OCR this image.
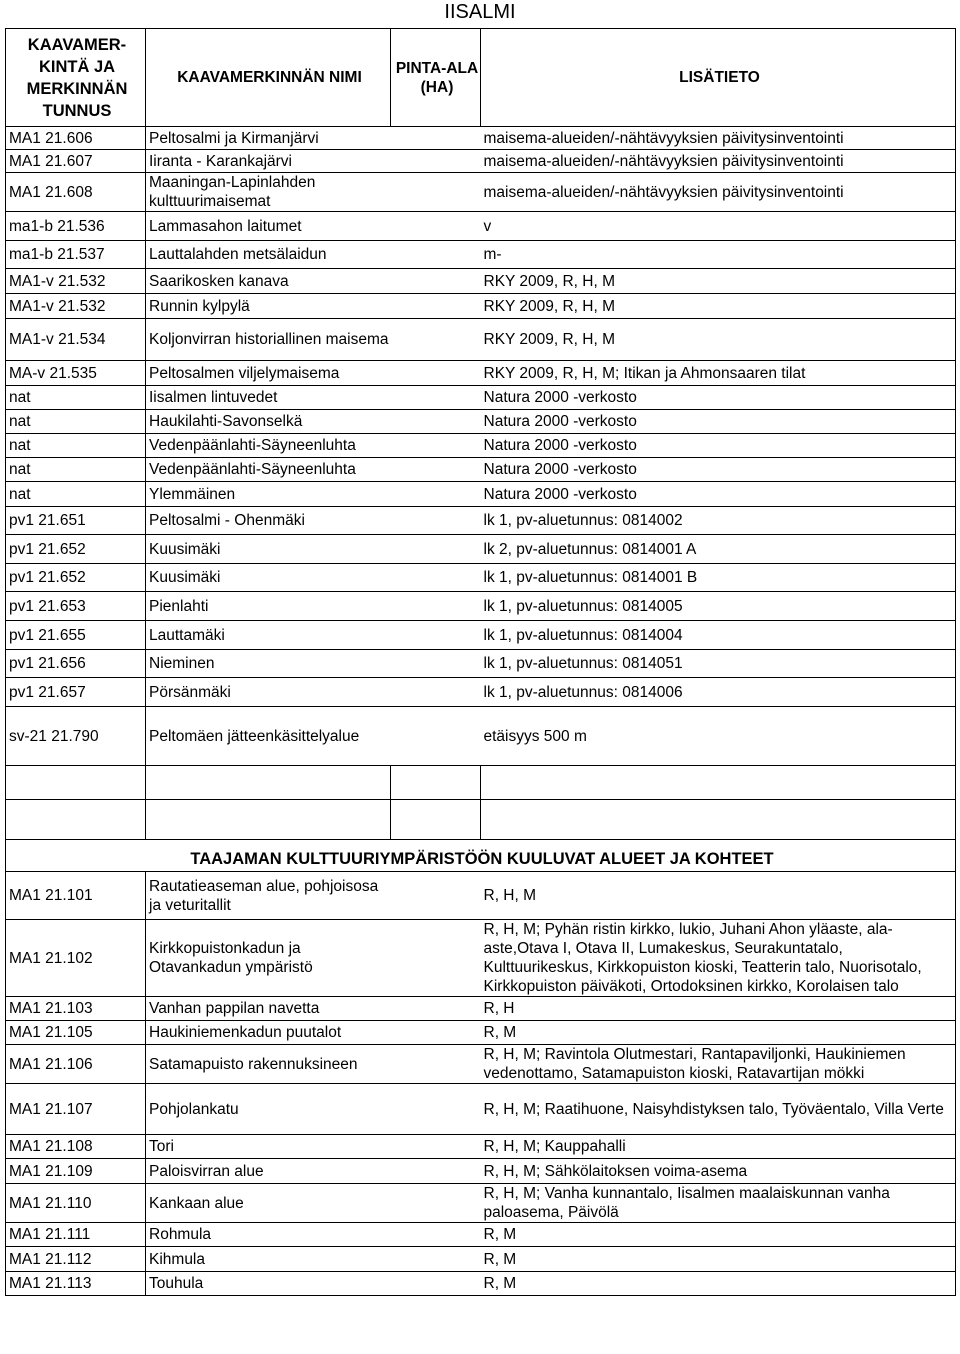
IISALMI
KAAVAMER-KINTÄ JA MERKINNÄN TUNNUS	KAAVAMERKINNÄN NIMI	PINTA-ALA (HA)	LISÄTIETO
MA1 21.606	Peltosalmi ja Kirmanjärvi		maisema-alueiden/-nähtävyyksien päivitysinventointi
MA1 21.607	Iiranta - Karankajärvi		maisema-alueiden/-nähtävyyksien päivitysinventointi
MA1 21.608	Maaningan-Lapinlahden kulttuurimaisemat		maisema-alueiden/-nähtävyyksien päivitysinventointi
ma1-b 21.536	Lammasahon laitumet		v
ma1-b 21.537	Lauttalahden metsälaidun		m-
MA1-v 21.532	Saarikosken kanava		RKY 2009, R, H, M
MA1-v 21.532	Runnin kylpylä		RKY 2009, R, H, M
MA1-v 21.534	Koljonvirran historiallinen maisema		RKY 2009, R, H, M
MA-v 21.535	Peltosalmen viljelymaisema		RKY 2009, R, H, M; Itikan ja Ahmonsaaren tilat
nat	Iisalmen lintuvedet		Natura 2000 -verkosto
nat	Haukilahti-Savonselkä		Natura 2000 -verkosto
nat	Vedenpäänlahti-Säyneenluhta		Natura 2000 -verkosto
nat	Vedenpäänlahti-Säyneenluhta		Natura 2000 -verkosto
nat	Ylemmäinen		Natura 2000 -verkosto
pv1 21.651	Peltosalmi - Ohenmäki		lk 1, pv-aluetunnus: 0814002
pv1 21.652	Kuusimäki		lk 2, pv-aluetunnus: 0814001 A
pv1 21.652	Kuusimäki		lk 1, pv-aluetunnus: 0814001 B
pv1 21.653	Pienlahti		lk 1, pv-aluetunnus: 0814005
pv1 21.655	Lauttamäki		lk 1, pv-aluetunnus: 0814004
pv1 21.656	Nieminen		lk 1, pv-aluetunnus: 0814051
pv1 21.657	Pörsänmäki		lk 1, pv-aluetunnus: 0814006
sv-21 21.790	Peltomäen jätteenkäsittelyalue		etäisyys 500 m

TAAJAMAN KULTTUURIYMPÄRISTÖÖN KUULUVAT ALUEET JA KOHTEET			
MA1 21.101	Rautatieaseman alue, pohjoisosa ja veturitallit		R, H, M
MA1 21.102	Kirkkopuistonkadun ja Otavankadun ympäristö		R, H, M; Pyhän ristin kirkko, lukio, Juhani Ahon yläaste, ala-aste,Otava I, Otava II, Lumakeskus, Seurakuntatalo, Kulttuurikeskus, Kirkkopuiston kioski, Teatterin talo, Nuorisotalo, Kirkkopuiston päiväkoti, Ortodoksinen kirkko, Korolaisen talo
MA1 21.103	Vanhan pappilan navetta		R, H
MA1 21.105	Haukiniemenkadun puutalot		R, M
MA1 21.106	Satamapuisto rakennuksineen		R, H, M; Ravintola Olutmestari, Rantapaviljonki, Haukiniemen vedenottamo, Satamapuiston kioski, Ratavartijan mökki
MA1 21.107	Pohjolankatu		R, H, M; Raatihuone, Naisyhdistyksen talo, Työväentalo, Villa Verte
MA1 21.108	Tori		R, H, M; Kauppahalli
MA1 21.109	Paloisvirran alue		R, H, M; Sähkölaitoksen voima-asema
MA1 21.110	Kankaan alue		R, H, M; Vanha kunnantalo, Iisalmen maalaiskunnan vanha paloasema, Päivölä
MA1 21.111	Rohmula		R, M
MA1 21.112	Kihmula		R, M
MA1 21.113	Touhula		R, M
